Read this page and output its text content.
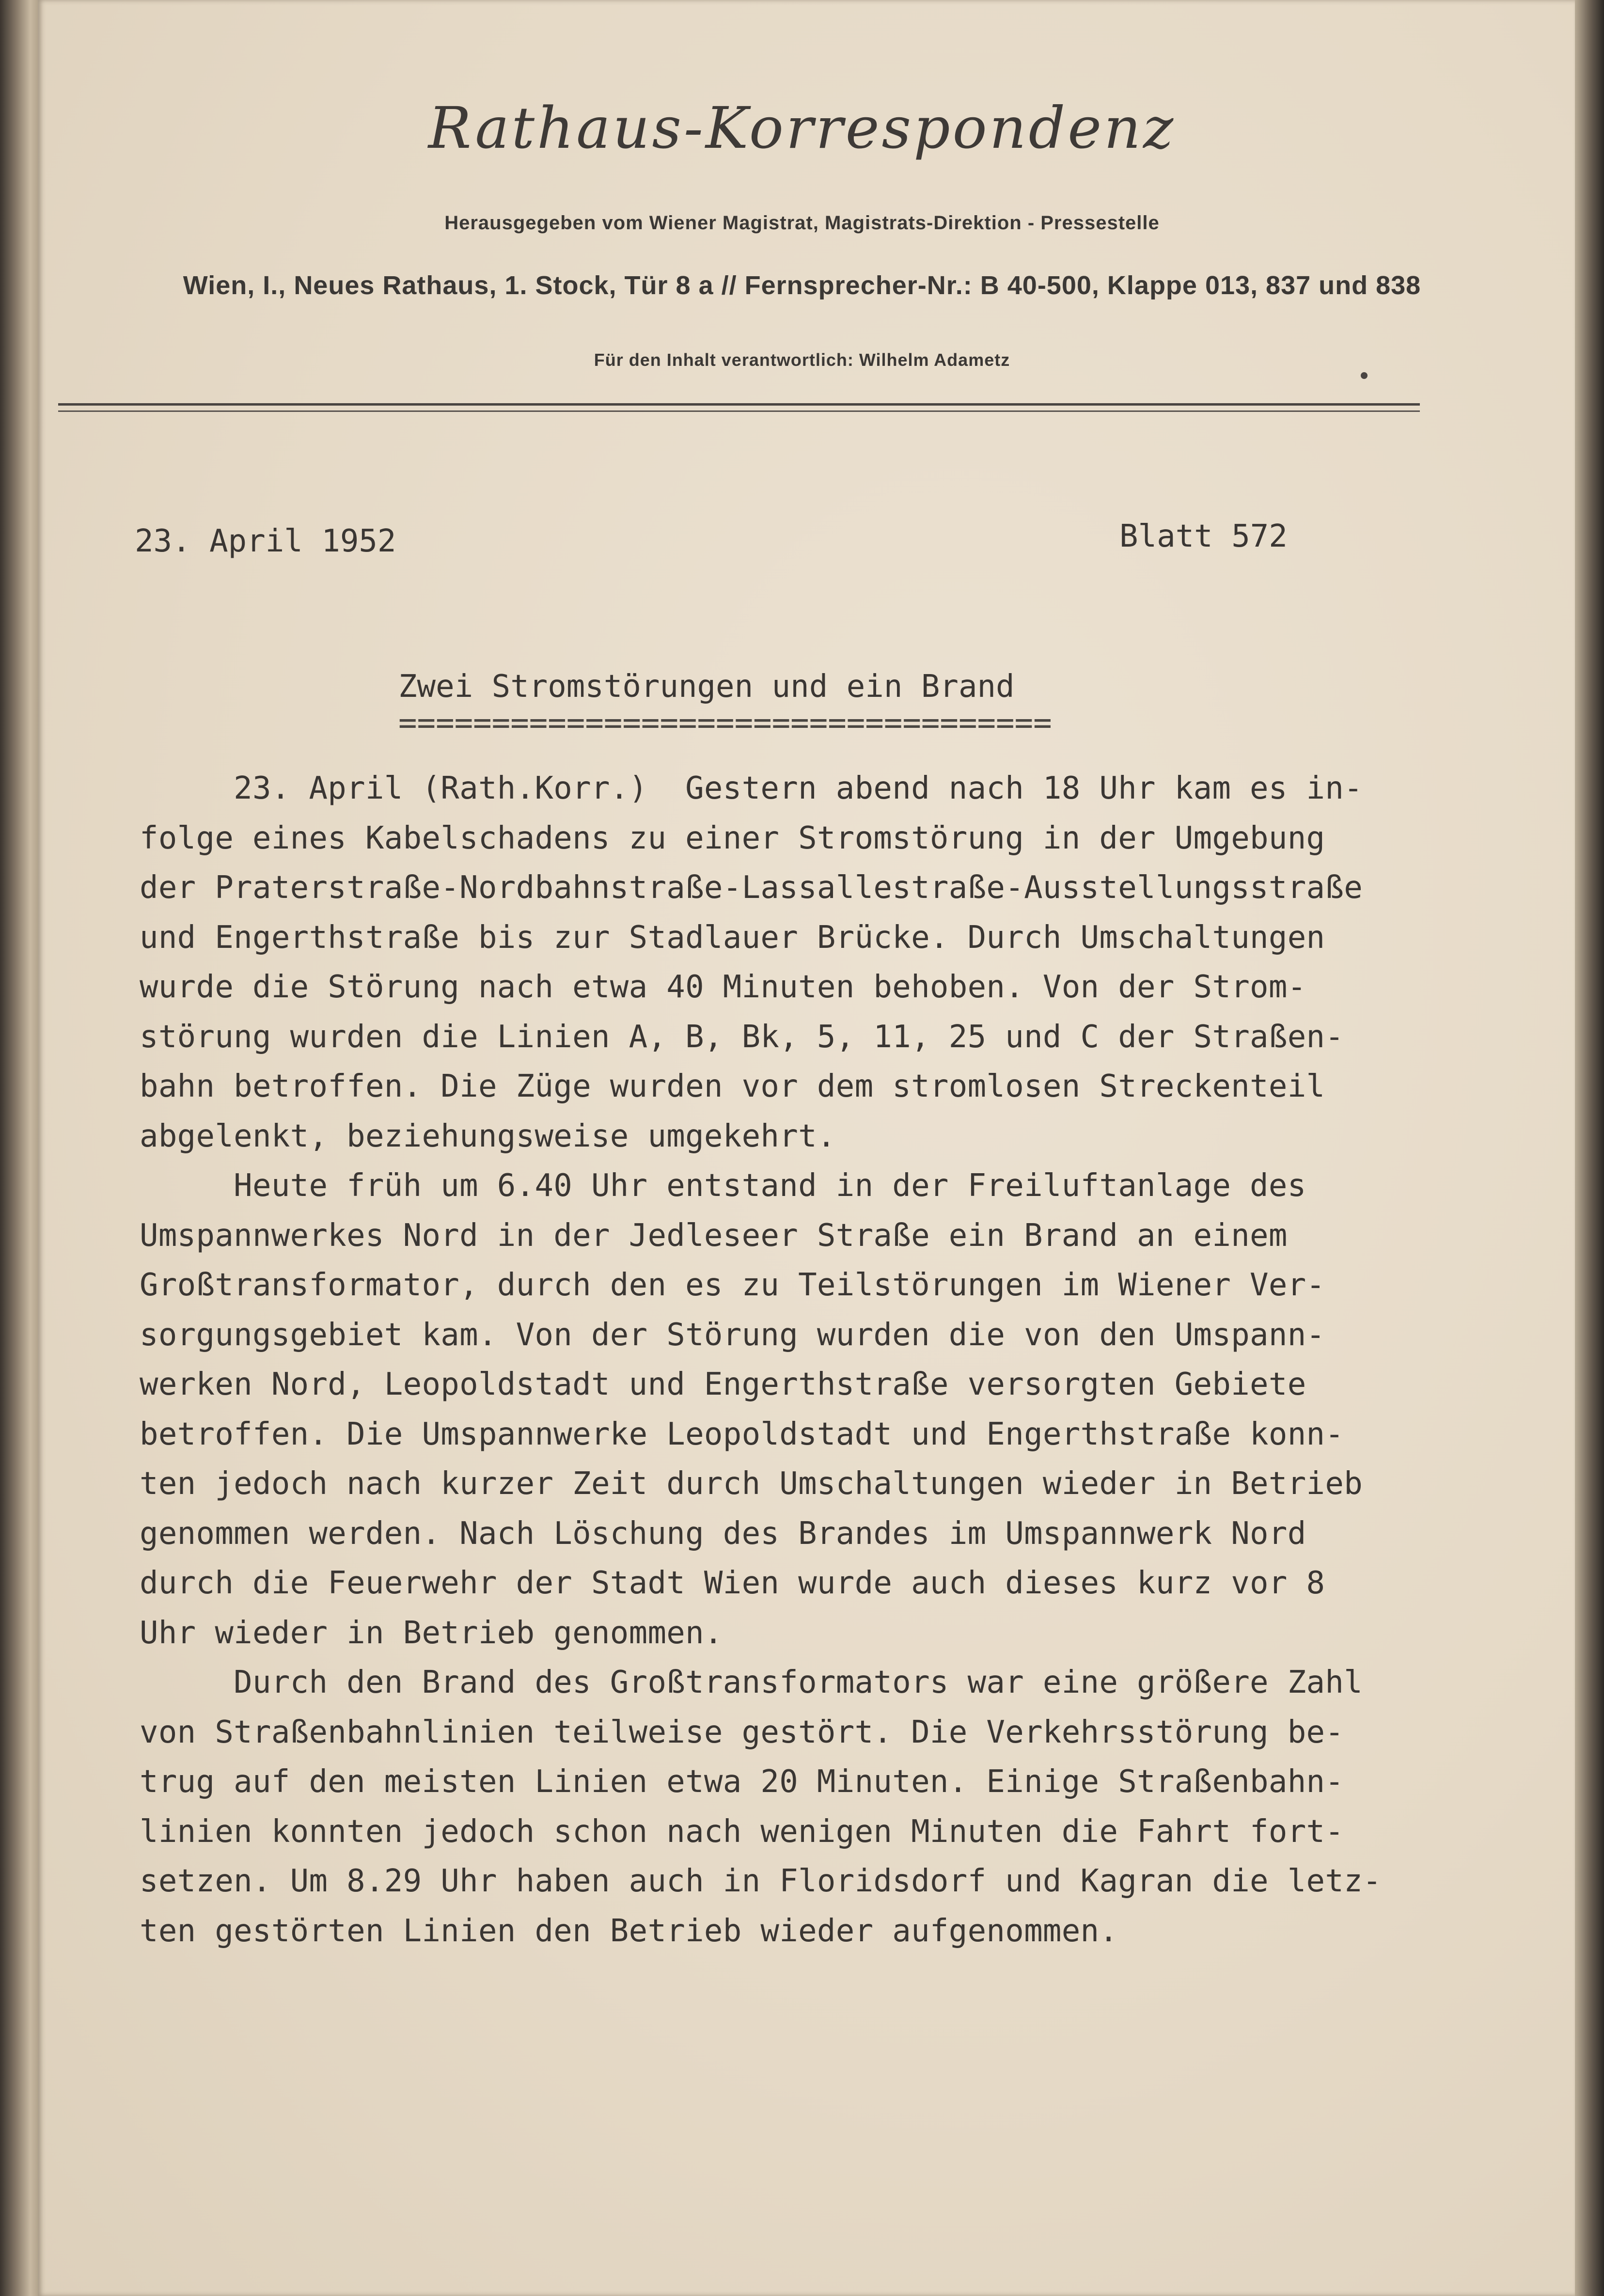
Rathaus-Korrespondenz
Herausgegeben vom Wiener Magistrat, Magistrats-Direktion - Pressestelle
Wien, I., Neues Rathaus, 1. Stock, Tür 8 a // Fernsprecher-Nr.: B 40-500, Klappe 013, 837 und 838
Für den Inhalt verantwortlich: Wilhelm Adametz
23. April 1952	Blatt 572
Zwei Stromstörungen und ein Brand
===================================
23. April (Rath.Korr.)  Gestern abend nach 18 Uhr kam es in-
folge eines Kabelschadens zu einer Stromstörung in der Umgebung
der Praterstraße-Nordbahnstraße-Lassallestraße-Ausstellungsstraße
und Engerthstraße bis zur Stadlauer Brücke. Durch Umschaltungen
wurde die Störung nach etwa 40 Minuten behoben. Von der Strom-
störung wurden die Linien A, B, Bk, 5, 11, 25 und C der Straßen-
bahn betroffen. Die Züge wurden vor dem stromlosen Streckenteil
abgelenkt, beziehungsweise umgekehrt.
Heute früh um 6.40 Uhr entstand in der Freiluftanlage des
Umspannwerkes Nord in der Jedleseer Straße ein Brand an einem
Großtransformator, durch den es zu Teilstörungen im Wiener Ver-
sorgungsgebiet kam. Von der Störung wurden die von den Umspann-
werken Nord, Leopoldstadt und Engerthstraße versorgten Gebiete
betroffen. Die Umspannwerke Leopoldstadt und Engerthstraße konn-
ten jedoch nach kurzer Zeit durch Umschaltungen wieder in Betrieb
genommen werden. Nach Löschung des Brandes im Umspannwerk Nord
durch die Feuerwehr der Stadt Wien wurde auch dieses kurz vor 8
Uhr wieder in Betrieb genommen.
Durch den Brand des Großtransformators war eine größere Zahl
von Straßenbahnlinien teilweise gestört. Die Verkehrsstörung be-
trug auf den meisten Linien etwa 20 Minuten. Einige Straßenbahn-
linien konnten jedoch schon nach wenigen Minuten die Fahrt fort-
setzen. Um 8.29 Uhr haben auch in Floridsdorf und Kagran die letz-
ten gestörten Linien den Betrieb wieder aufgenommen.
